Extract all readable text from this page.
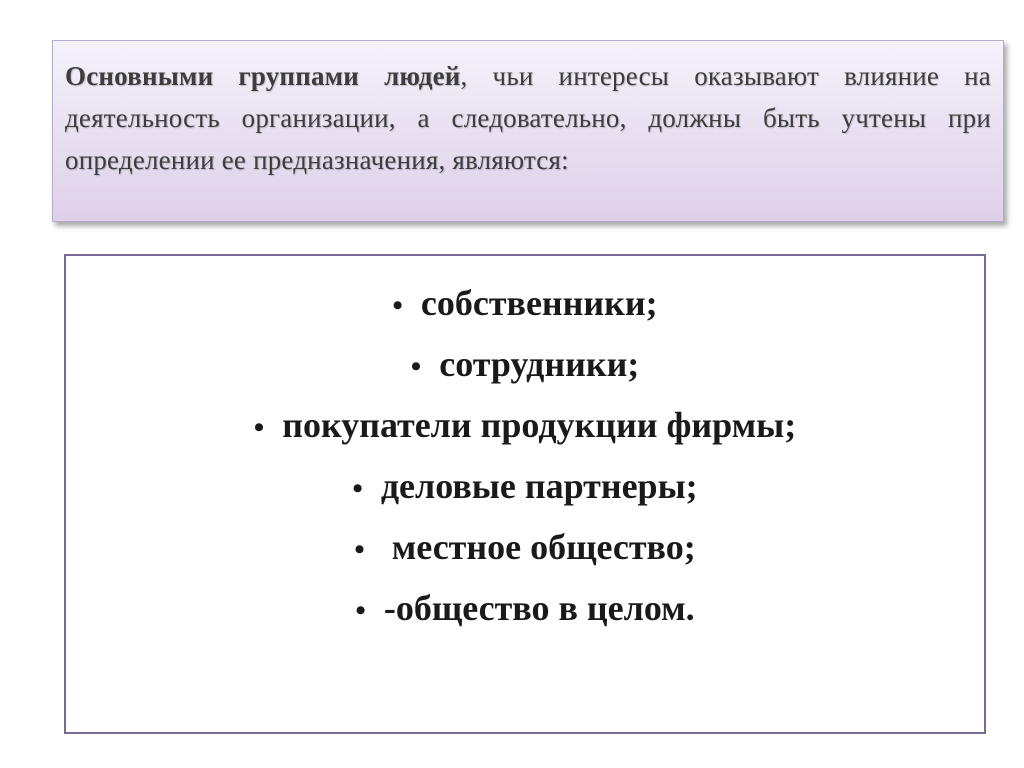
Основными группами людей, чьи интересы оказывают влияние на деятельность организации, а следовательно, должны быть учтены при определении ее предназначения, являются:

• собственники;
• сотрудники;
• покупатели продукции фирмы;
• деловые партнеры;
• местное общество;
• -общество в целом.
